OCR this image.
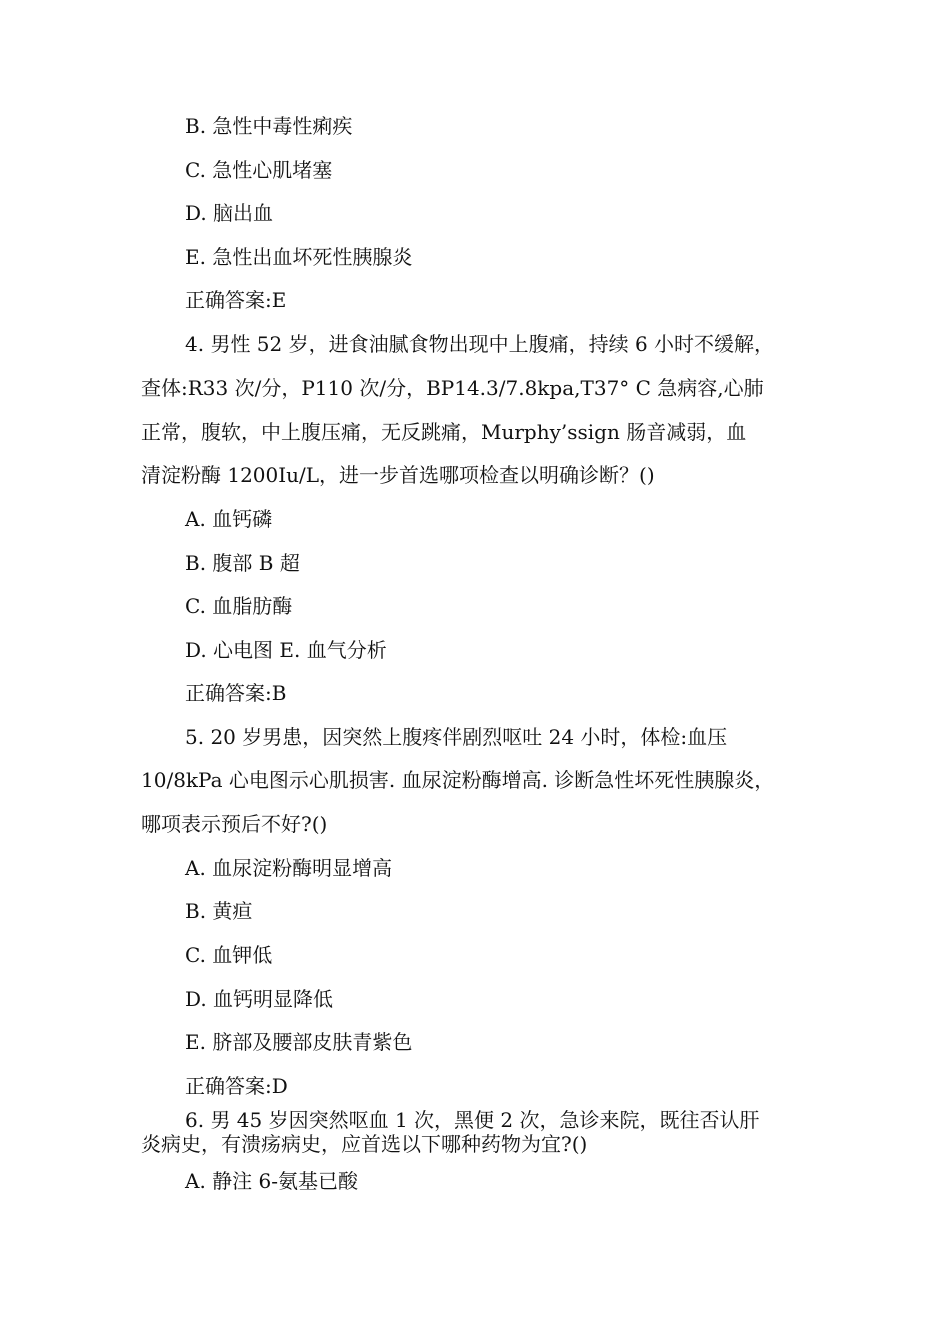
B. 急性中毒性痢疾
C. 急性心肌堵塞
D. 脑出血
E. 急性出血坏死性胰腺炎
正确答案:E
4. 男性 52 岁，进食油腻食物出现中上腹痛，持续 6 小时不缓解，
查体:R33 次/分，P110 次/分，BP14.3/7.8kpa,T37° C 急病容,心肺
正常，腹软，中上腹压痛，无反跳痛，Murphy’ssign 肠音减弱，血
清淀粉酶 1200Iu/L，进一步首选哪项检查以明确诊断？()
A. 血钙磷
B. 腹部 B 超
C. 血脂肪酶
D. 心电图 E. 血气分析
正确答案:B
5. 20 岁男患，因突然上腹疼伴剧烈呕吐 24 小时，体检:血压
10/8kPa 心电图示心肌损害. 血尿淀粉酶增高. 诊断急性坏死性胰腺炎，
哪项表示预后不好?()
A. 血尿淀粉酶明显增高
B. 黄疸
C. 血钾低
D. 血钙明显降低
E. 脐部及腰部皮肤青紫色
正确答案:D
6. 男 45 岁因突然呕血 1 次，黑便 2 次，急诊来院，既往否认肝
炎病史，有溃疡病史，应首选以下哪种药物为宜?()
A. 静注 6-氨基已酸
